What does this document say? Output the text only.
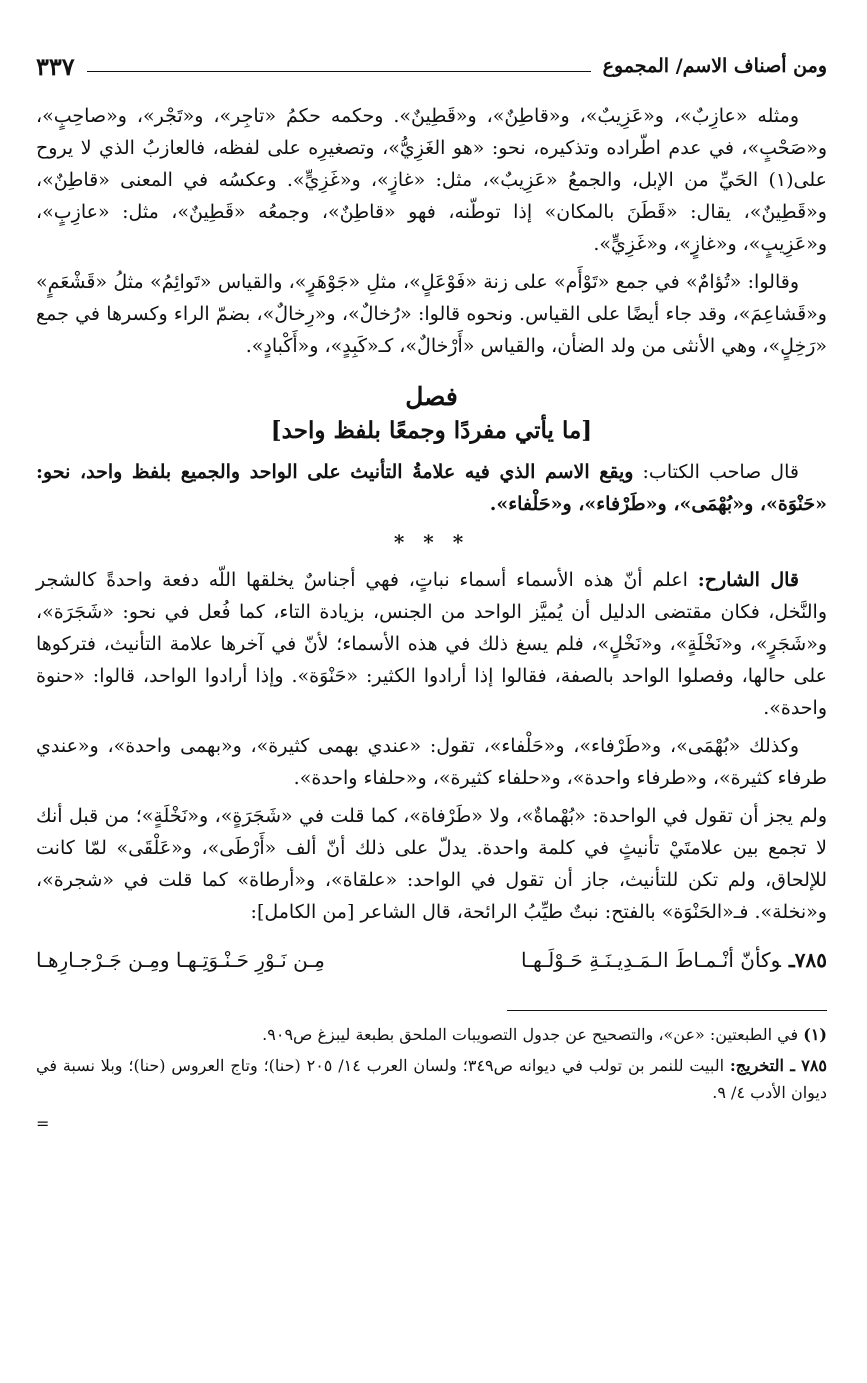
ومن أصناف الاسم/ المجموع
٣٣٧

ومثله «عازِبٌ»، و«عَزِيبٌ»، و«قاطِنٌ»، و«قَطِينٌ». وحكمه حكمُ «تاجِر»، و«تَجْر»، و«صاحِبٍ»، و«صَحْبٍ»، في عدم اطّراده وتذكيره، نحو: «هو الغَزِيُّ»، وتصغيرِه على لفظه، فالعازبُ الذي لا يروح على(١) الحَيِّ من الإبل، والجمعُ «عَزِيبٌ»، مثل: «غازٍ»، و«غَزِيٍّ». وعكسُه في المعنى «قاطِنٌ»، و«قَطِينٌ»، يقال: «قَطَنَ بالمكان» إذا توطّنه، فهو «قاطِنٌ»، وجمعُه «قَطِينٌ»، مثل: «عازِبٍ»، و«عَزِيبٍ»، و«غازٍ»، و«غَزِيٍّ».

وقالوا: «تُؤامٌ» في جمع «تَوْأَم» على زنة «فَوْعَلٍ»، مثلِ «جَوْهَرٍ»، والقياس «تَوائِمُ» مثلُ «قَشْعَمٍ» و«قَشاعِمَ»، وقد جاء أيضًا على القياس. ونحوه قالوا: «رُخالٌ»، و«رِخالٌ»، بضمّ الراء وكسرها في جمع «رَخِلٍ»، وهي الأنثى من ولد الضأن، والقياس «أَرْخالٌ»، كـ«كَبِدٍ»، و«أَكْبادٍ».

فصل
[ما يأتي مفردًا وجمعًا بلفظ واحد]

قال صاحب الكتاب: ويقع الاسم الذي فيه علامةُ التأنيث على الواحد والجميع بلفظ واحد، نحو: «حَنْوَة»، و«بُهْمَى»، و«طَرْفاء»، و«حَلْفاء».

* * *

قال الشارح: اعلم أنّ هذه الأسماء أسماء نباتٍ، فهي أجناسٌ يخلقها اللّه دفعة واحدةً كالشجر والنَّخل، فكان مقتضى الدليل أن يُميَّز الواحد من الجنس، بزيادة التاء، كما فُعل في نحو: «شَجَرَة»، و«شَجَرٍ»، و«نَخْلَةٍ»، و«نَخْلٍ»، فلم يسغ ذلك في هذه الأسماء؛ لأنّ في آخرها علامة التأنيث، فتركوها على حالها، وفصلوا الواحد بالصفة، فقالوا إذا أرادوا الكثير: «حَنْوَة». وإذا أرادوا الواحد، قالوا: «حنوة واحدة».

وكذلك «بُهْمَى»، و«طَرْفاء»، و«حَلْفاء»، تقول: «عندي بهمى كثيرة»، و«بهمى واحدة»، و«عندي طرفاء كثيرة»، و«طرفاء واحدة»، و«حلفاء كثيرة»، و«حلفاء واحدة».

ولم يجز أن تقول في الواحدة: «بُهْماةٌ»، ولا «طَرْفاة»، كما قلت في «شَجَرَةٍ»، و«نَخْلَةٍ»؛ من قبل أنك لا تجمع بين علامتَيْ تأنيثٍ في كلمة واحدة. يدلّ على ذلك أنّ ألف «أَرْطَى»، و«عَلْقَى» لمّا كانت للإلحاق، ولم تكن للتأنيث، جاز أن تقول في الواحد: «علقاة»، و«أرطاة» كما قلت في «شجرة»، و«نخلة». فـ«الحَنْوَة» بالفتح: نبتٌ طيِّبُ الرائحة، قال الشاعر [من الكامل]:

٧٨٥ـوكأنّ أنْـمـاطَ الـمَـدِيـنَـةِ حَـوْلَـهـا
مِـن نَـوْرِ حَـنْـوَتِـهـا ومِـن جَـرْجـارِهـا

(١) في الطبعتين: «عن»، والتصحيح عن جدول التصويبات الملحق بطبعة ليبزغ ص٩٠٩.

٧٨٥ ـ التخريج: البيت للنمر بن تولب في ديوانه ص٣٤٩؛ ولسان العرب ١٤/ ٢٠٥ (حنا)؛ وتاج العروس (حنا)؛ وبلا نسبة في ديوان الأدب ٤/ ٩.

=
